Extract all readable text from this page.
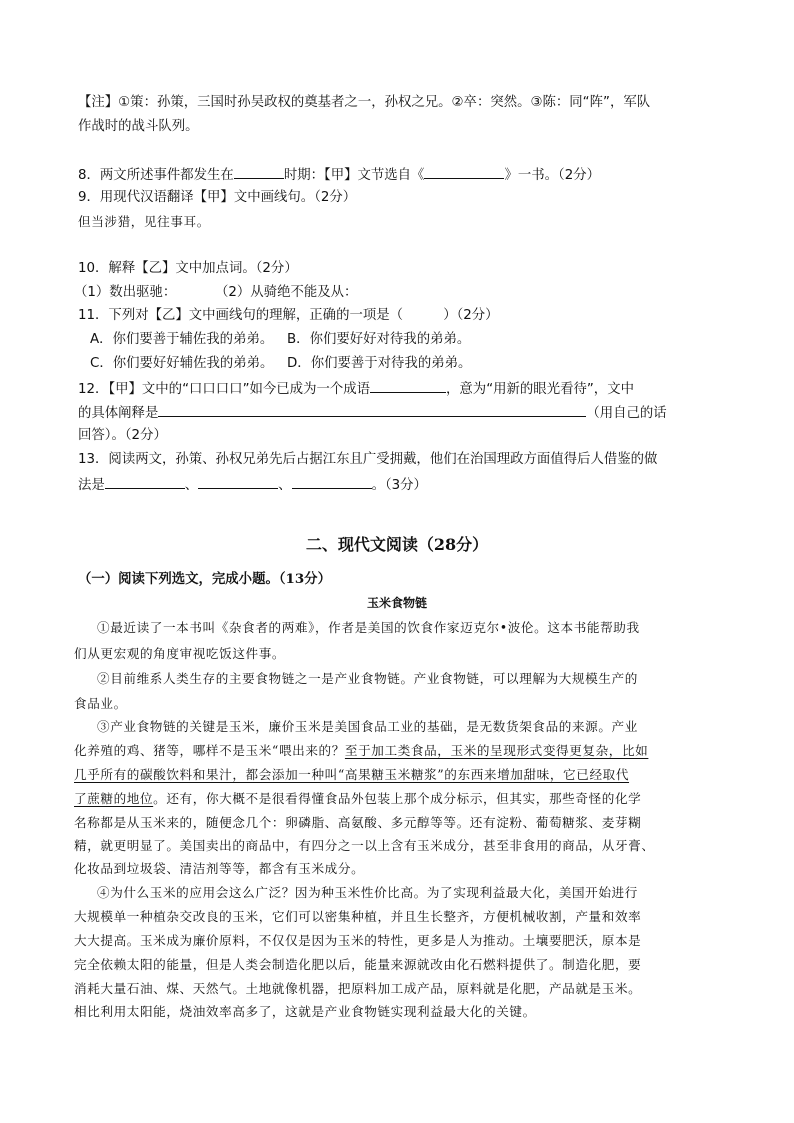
【注】①策：孙策，三国时孙吴政权的奠基者之一，孙权之兄。②卒：突然。③陈：同“阵”，军队
作战时的战斗队列。
8．两文所述事件都发生在	时期：【甲】文节选自《	》一书。（2分）
9．用现代汉语翻译【甲】文中画线句。（2分）
但当涉猎，见往事耳。
10．解释【乙】文中加点词。（2分）
（1）数出驱驰：	（2）从骑绝不能及从：
11．下列对【乙】文中画线句的理解，正确的一项是（　　　）（2分）
A．你们要善于辅佐我的弟弟。 B．你们要好好对待我的弟弟。
C．你们要好好辅佐我的弟弟。 D．你们要善于对待我的弟弟。
12．【甲】文中的“口口口口”如今已成为一个成语	，意为“用新的眼光看待”，文中
的具体阐释是	（用自己的话
回答）。（2分）
13．阅读两文，孙策、孙权兄弟先后占据江东且广受拥戴，他们在治国理政方面值得后人借鉴的做
法是	、	、	。（3分）
二、现代文阅读（28分）
（一）阅读下列选文，完成小题。（13分）
玉米食物链
①最近读了一本书叫《杂食者的两难》，作者是美国的饮食作家迈克尔•波伦。这本书能帮助我
们从更宏观的角度审视吃饭这件事。
②目前维系人类生存的主要食物链之一是产业食物链。产业食物链，可以理解为大规模生产的
食品业。
③产业食物链的关键是玉米，廉价玉米是美国食品工业的基础，是无数货架食品的来源。产业
化养殖的鸡、猪等，哪样不是玉米“喂出来的？至于加工类食品，玉米的呈现形式变得更复杂，比如
几乎所有的碳酸饮料和果汁，都会添加一种叫“高果糖玉米糖浆”的东西来增加甜味，它已经取代
了蔗糖的地位。还有，你大概不是很看得懂食品外包装上那个成分标示，但其实，那些奇怪的化学
名称都是从玉米来的，随便念几个：卵磷脂、高氨酸、多元醇等等。还有淀粉、葡萄糖浆、麦芽糊
精，就更明显了。美国卖出的商品中，有四分之一以上含有玉米成分，甚至非食用的商品，从牙膏、
化妆品到垃圾袋、清洁剂等等，都含有玉米成分。
④为什么玉米的应用会这么广泛？因为种玉米性价比高。为了实现利益最大化，美国开始进行
大规模单一种植杂交改良的玉米，它们可以密集种植，并且生长整齐，方便机械收割，产量和效率
大大提高。玉米成为廉价原料，不仅仅是因为玉米的特性，更多是人为推动。土壤要肥沃，原本是
完全依赖太阳的能量，但是人类会制造化肥以后，能量来源就改由化石燃料提供了。制造化肥，要
消耗大量石油、煤、天然气。土地就像机器，把原料加工成产品，原料就是化肥，产品就是玉米。
相比利用太阳能，烧油效率高多了，这就是产业食物链实现利益最大化的关键。
